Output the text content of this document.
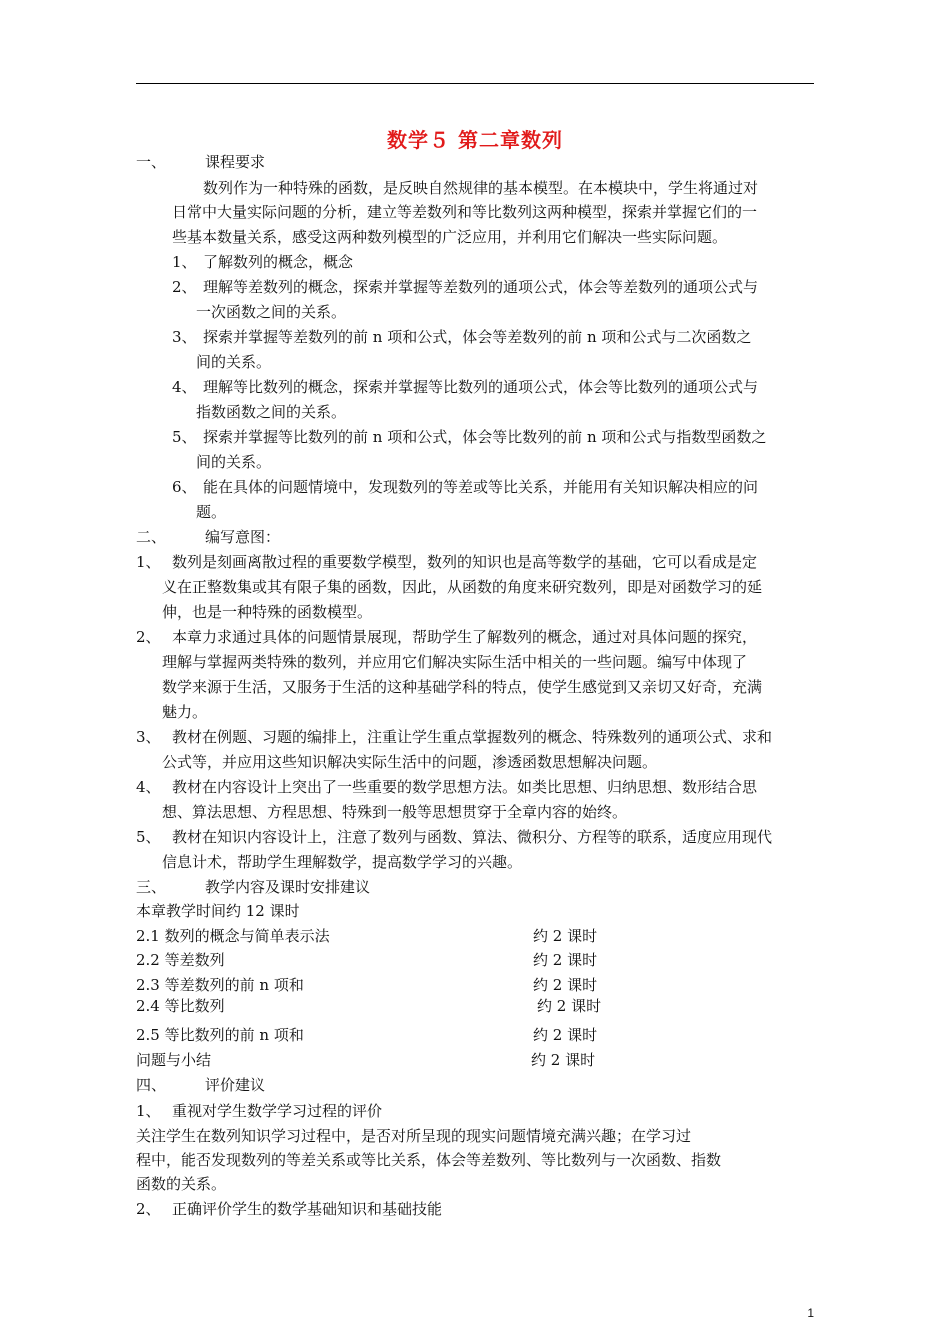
数学５ 第二章数列
一、	课程要求
数列作为一种特殊的函数，是反映自然规律的基本模型。在本模块中，学生将通过对
日常中大量实际问题的分析，建立等差数列和等比数列这两种模型，探索并掌握它们的一
些基本数量关系，感受这两种数列模型的广泛应用，并利用它们解决一些实际问题。
1、 了解数列的概念，概念
2、 理解等差数列的概念，探索并掌握等差数列的通项公式，体会等差数列的通项公式与
一次函数之间的关系。
3、 探索并掌握等差数列的前 n 项和公式，体会等差数列的前 n 项和公式与二次函数之
间的关系。
4、 理解等比数列的概念，探索并掌握等比数列的通项公式，体会等比数列的通项公式与
指数函数之间的关系。
5、 探索并掌握等比数列的前 n 项和公式，体会等比数列的前 n 项和公式与指数型函数之
间的关系。
6、 能在具体的问题情境中，发现数列的等差或等比关系，并能用有关知识解决相应的问
题。
二、	编写意图：
1、 数列是刻画离散过程的重要数学模型，数列的知识也是高等数学的基础，它可以看成是定
义在正整数集或其有限子集的函数，因此，从函数的角度来研究数列，即是对函数学习的延
伸，也是一种特殊的函数模型。
2、 本章力求通过具体的问题情景展现，帮助学生了解数列的概念，通过对具体问题的探究，
理解与掌握两类特殊的数列，并应用它们解决实际生活中相关的一些问题。编写中体现了
数学来源于生活，又服务于生活的这种基础学科的特点，使学生感觉到又亲切又好奇，充满
魅力。
3、 教材在例题、习题的编排上，注重让学生重点掌握数列的概念、特殊数列的通项公式、求和
公式等，并应用这些知识解决实际生活中的问题，渗透函数思想解决问题。
4、 教材在内容设计上突出了一些重要的数学思想方法。如类比思想、归纳思想、数形结合思
想、算法思想、方程思想、特殊到一般等思想贯穿于全章内容的始终。
5、 教材在知识内容设计上，注意了数列与函数、算法、微积分、方程等的联系，适度应用现代
信息计术，帮助学生理解数学，提高数学学习的兴趣。
三、	教学内容及课时安排建议
本章教学时间约 12 课时
2.1 数列的概念与简单表示法	约 2 课时
2.2 等差数列	约 2 课时
2.3 等差数列的前 n 项和	约 2 课时
2.4 等比数列	约 2 课时
2.5 等比数列的前 n 项和	约 2 课时
问题与小结	约 2 课时
四、	评价建议
1、 重视对学生数学学习过程的评价
关注学生在数列知识学习过程中，是否对所呈现的现实问题情境充满兴趣；在学习过
程中，能否发现数列的等差关系或等比关系，体会等差数列、等比数列与一次函数、指数
函数的关系。
2、 正确评价学生的数学基础知识和基础技能
1
